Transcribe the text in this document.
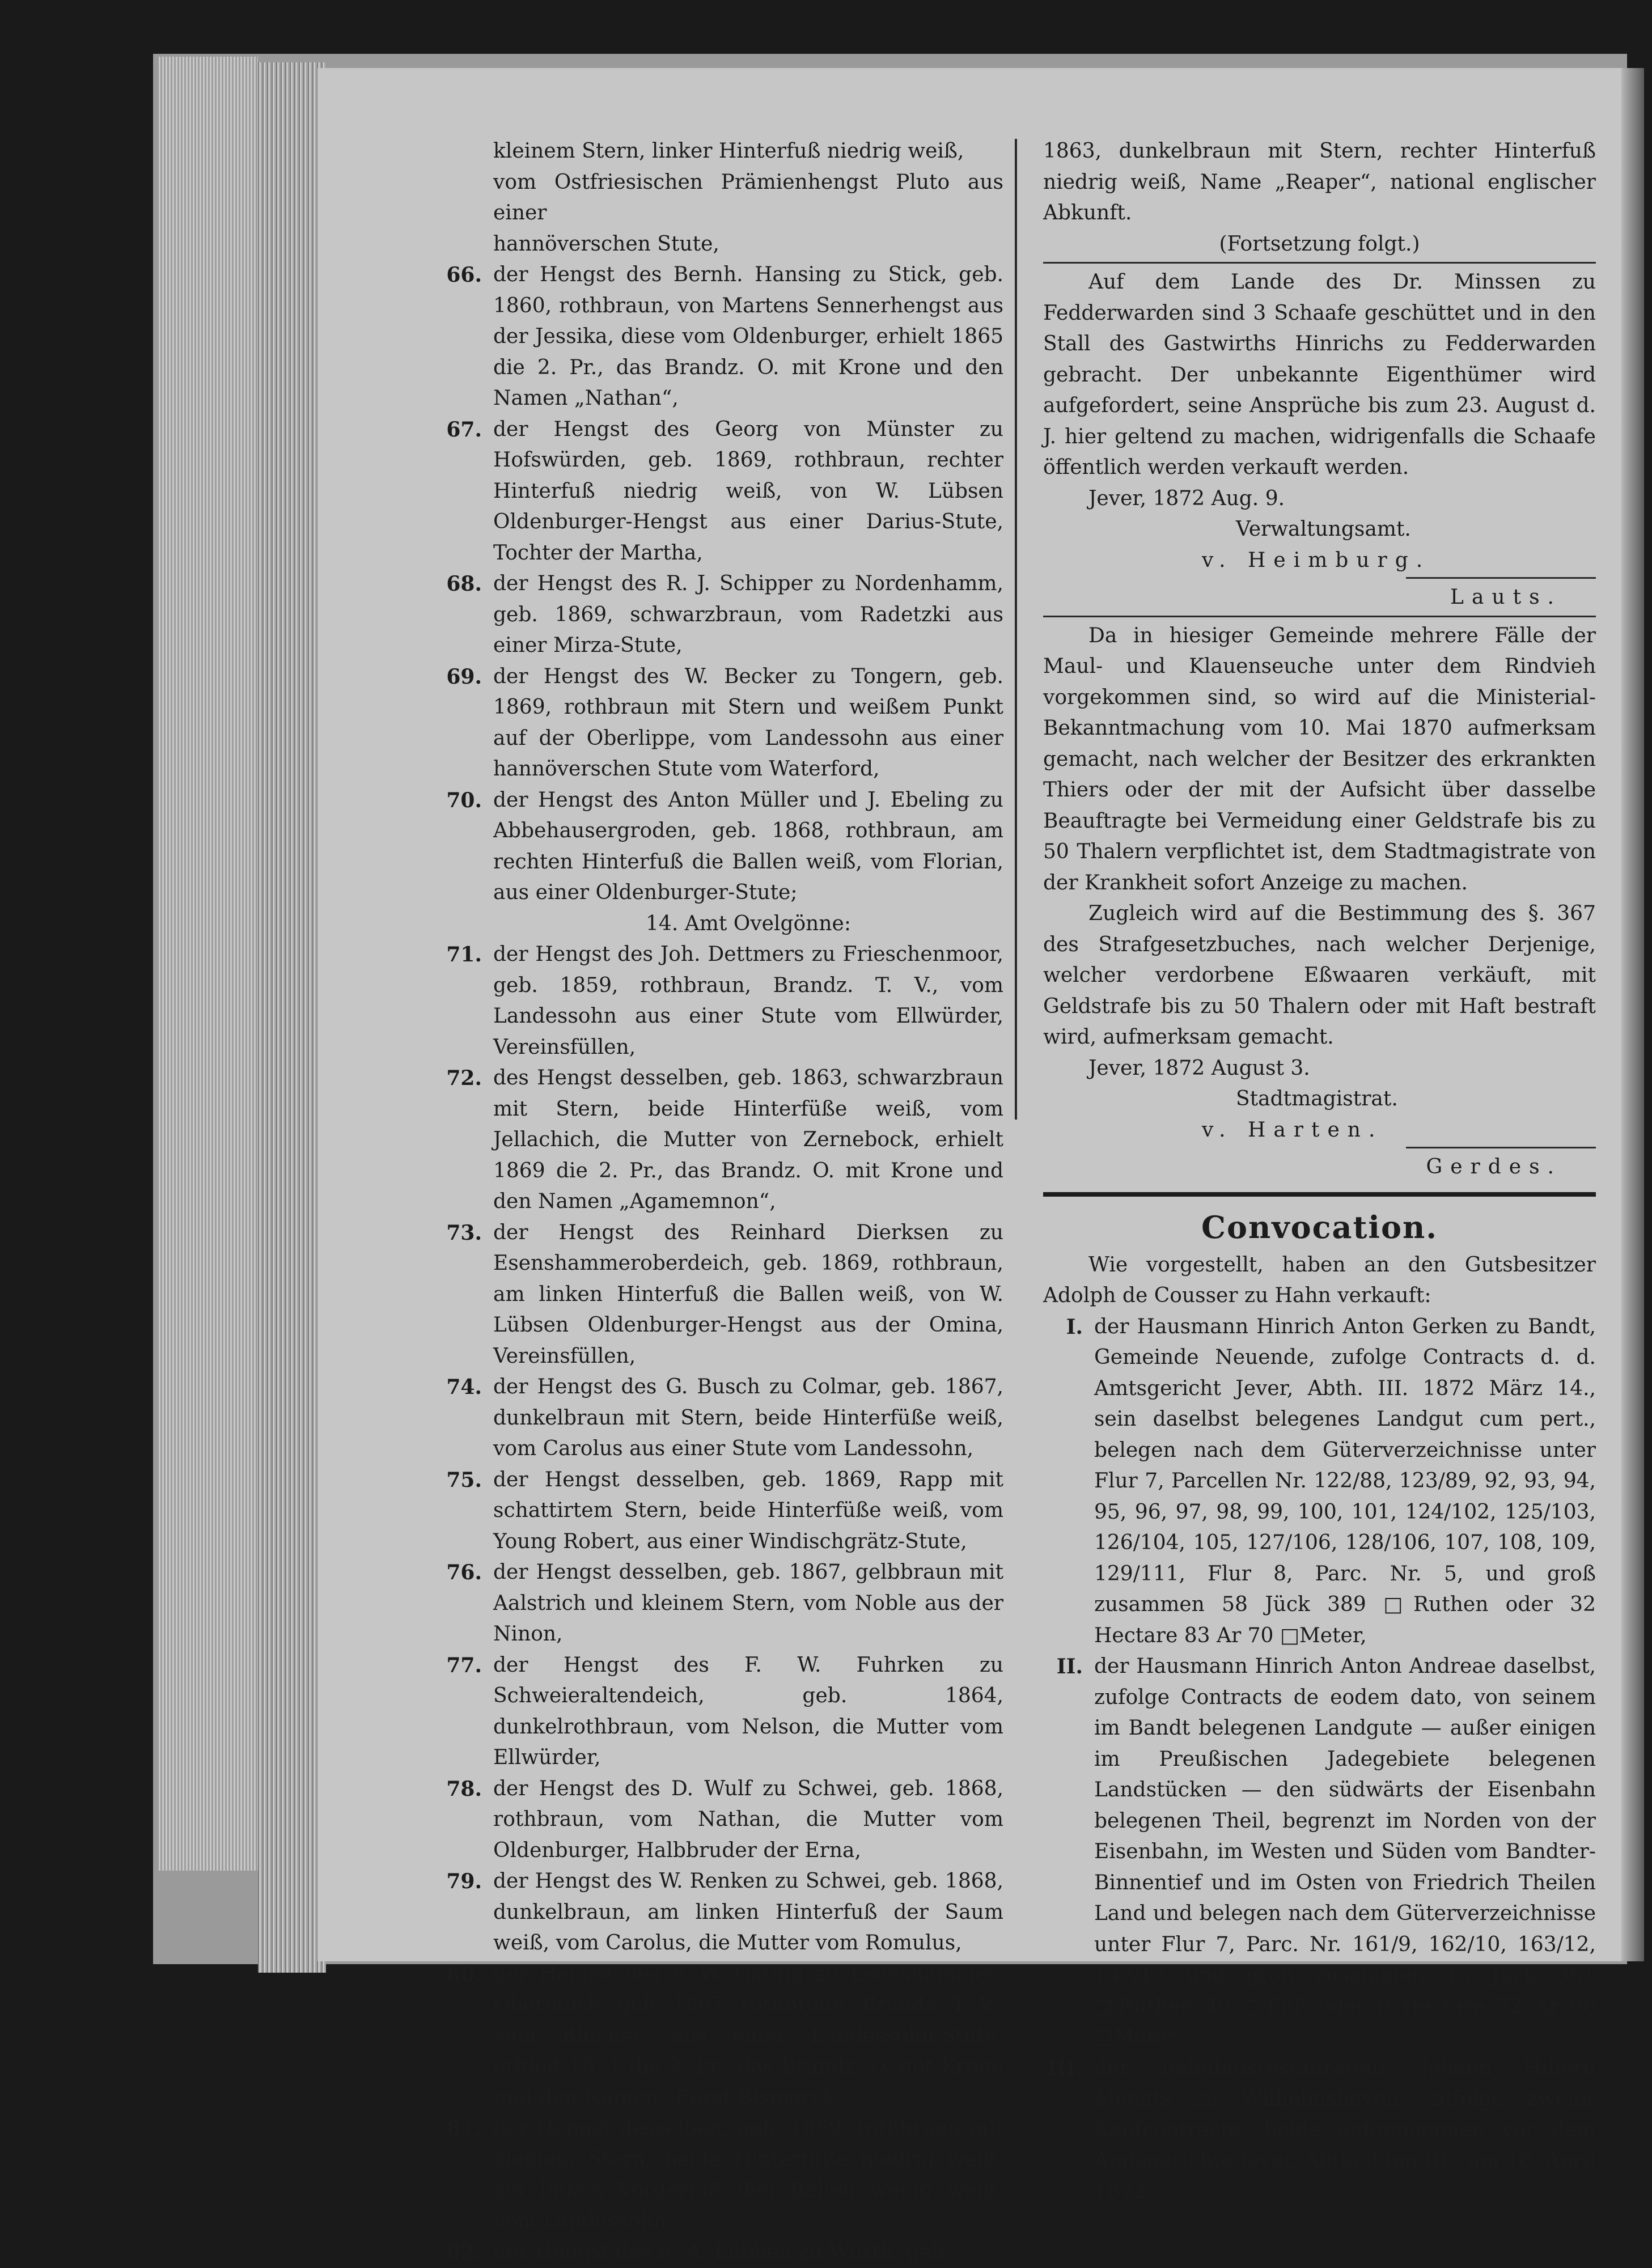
kleinem Stern, linker Hinterfuß niedrig weiß,
vom Ostfriesischen Prämienhengst Pluto aus einer
hannöverschen Stute,
66. der Hengst des Bernh. Hansing zu Stick, geb. 1860, rothbraun, von Martens Sennerhengst aus der Jessika, diese vom Oldenburger, erhielt 1865 die 2. Pr., das Brandz. O. mit Krone und den Namen „Nathan“,
67. der Hengst des Georg von Münster zu Hofswürden, geb. 1869, rothbraun, rechter Hinterfuß niedrig weiß, von W. Lübsen Oldenburger-Hengst aus einer Darius-Stute, Tochter der Martha,
68. der Hengst des R. J. Schipper zu Nordenhamm, geb. 1869, schwarzbraun, vom Radetzki aus einer Mirza-Stute,
69. der Hengst des W. Becker zu Tongern, geb. 1869, rothbraun mit Stern und weißem Punkt auf der Oberlippe, vom Landessohn aus einer hannöverschen Stute vom Waterford,
70. der Hengst des Anton Müller und J. Ebeling zu Abbehausergroden, geb. 1868, rothbraun, am rechten Hinterfuß die Ballen weiß, vom Florian, aus einer Oldenburger-Stute;
14. Amt Ovelgönne:
71. der Hengst des Joh. Dettmers zu Frieschenmoor, geb. 1859, rothbraun, Brandz. T. V., vom Landessohn aus einer Stute vom Ellwürder, Vereinsfüllen,
72. des Hengst desselben, geb. 1863, schwarzbraun mit Stern, beide Hinterfüße weiß, vom Jellachich, die Mutter von Zernebock, erhielt 1869 die 2. Pr., das Brandz. O. mit Krone und den Namen „Agamemnon“,
73. der Hengst des Reinhard Dierksen zu Esenshammeroberdeich, geb. 1869, rothbraun, am linken Hinterfuß die Ballen weiß, von W. Lübsen Oldenburger-Hengst aus der Omina, Vereinsfüllen,
74. der Hengst des G. Busch zu Colmar, geb. 1867, dunkelbraun mit Stern, beide Hinterfüße weiß, vom Carolus aus einer Stute vom Landessohn,
75. der Hengst desselben, geb. 1869, Rapp mit schattirtem Stern, beide Hinterfüße weiß, vom Young Robert, aus einer Windischgrätz-Stute,
76. der Hengst desselben, geb. 1867, gelbbraun mit Aalstrich und kleinem Stern, vom Noble aus der Ninon,
77. der Hengst des F. W. Fuhrken zu Schweieraltendeich, geb. 1864, dunkelrothbraun, vom Nelson, die Mutter vom Ellwürder,
78. der Hengst des D. Wulf zu Schwei, geb. 1868, rothbraun, vom Nathan, die Mutter vom Oldenburger, Halbbruder der Erna,
79. der Hengst des W. Renken zu Schwei, geb. 1868, dunkelbraun, am linken Hinterfuß der Saum weiß, vom Carolus, die Mutter vom Romulus,
80. der Hengst des F. W. Gäting zu Esenshammer-Oberdeich, geb. 1867, rothbraun, Brandz. T. V., vom Blücher, aus einer Landessohn-Stute, erhielt 1871 die 2. Pr., das Brandz. O. mit Krone und den Namen „Fürst Bismarck“,
81. der Hengst desselben, geb. 1869, rothbraun mit kleinem Stern, beide Hinterfüße niedrig weiß, am linken Vorderfuß den Ballen wenig weiß, vom Landessohn,
82. der Hengst des R. A. Lübben zu Wurth, geb.
1863, dunkelbraun mit Stern, rechter Hinterfuß niedrig weiß, Name „Reaper“, national englischer Abkunft.
(Fortsetzung folgt.)
Auf dem Lande des Dr. Minssen zu Fedderwarden sind 3 Schaafe geschüttet und in den Stall des Gastwirths Hinrichs zu Fedderwarden gebracht. Der unbekannte Eigenthümer wird aufgefordert, seine Ansprüche bis zum 23. August d. J. hier geltend zu machen, widrigenfalls die Schaafe öffentlich werden verkauft werden.
Jever, 1872 Aug. 9.
Verwaltungsamt.
v. Heimburg.
Lauts.
Da in hiesiger Gemeinde mehrere Fälle der Maul- und Klauenseuche unter dem Rindvieh vorgekommen sind, so wird auf die Ministerial-Bekanntmachung vom 10. Mai 1870 aufmerksam gemacht, nach welcher der Besitzer des erkrankten Thiers oder der mit der Aufsicht über dasselbe Beauftragte bei Vermeidung einer Geldstrafe bis zu 50 Thalern verpflichtet ist, dem Stadtmagistrate von der Krankheit sofort Anzeige zu machen.
Zugleich wird auf die Bestimmung des §. 367 des Strafgesetzbuches, nach welcher Derjenige, welcher verdorbene Eßwaaren verkäuft, mit Geldstrafe bis zu 50 Thalern oder mit Haft bestraft wird, aufmerksam gemacht.
Jever, 1872 August 3.
Stadtmagistrat.
v. Harten.
Gerdes.
Convocation.
Wie vorgestellt, haben an den Gutsbesitzer Adolph de Cousser zu Hahn verkauft:
I. der Hausmann Hinrich Anton Gerken zu Bandt, Gemeinde Neuende, zufolge Contracts d. d. Amtsgericht Jever, Abth. III. 1872 März 14., sein daselbst belegenes Landgut cum pert., belegen nach dem Güterverzeichnisse unter Flur 7, Parcellen Nr. 122/88, 123/89, 92, 93, 94, 95, 96, 97, 98, 99, 100, 101, 124/102, 125/103, 126/104, 105, 127/106, 128/106, 107, 108, 109, 129/111, Flur 8, Parc. Nr. 5, und groß zusammen 58 Jück 389 □Ruthen oder 32 Hectare 83 Ar 70 □Meter,
II. der Hausmann Hinrich Anton Andreae daselbst, zufolge Contracts de eodem dato, von seinem im Bandt belegenen Landgute — außer einigen im Preußischen Jadegebiete belegenen Landstücken — den südwärts der Eisenbahn belegenen Theil, begrenzt im Norden von der Eisenbahn, im Westen und Süden vom Bandter-Binnentief und im Osten von Friedrich Theilen Land und belegen nach dem Güterverzeichnisse unter Flur 7, Parc. Nr. 161/9, 162/10, 163/12, 147/13 und groß zusammen 15 Jück 361 □Ruthen 40 □Fuß oder 8 Hectare 72 Ar 06 □Meter,
III. der Bahnhofsrestaurateur Johann Hillern Meents zu Wilhelmshaven, zufolge zweier Kaufcontracte, beide aufgenommen vor dem Amtsgerichte Jever, Abtheilung III., am 16. April 1872:
